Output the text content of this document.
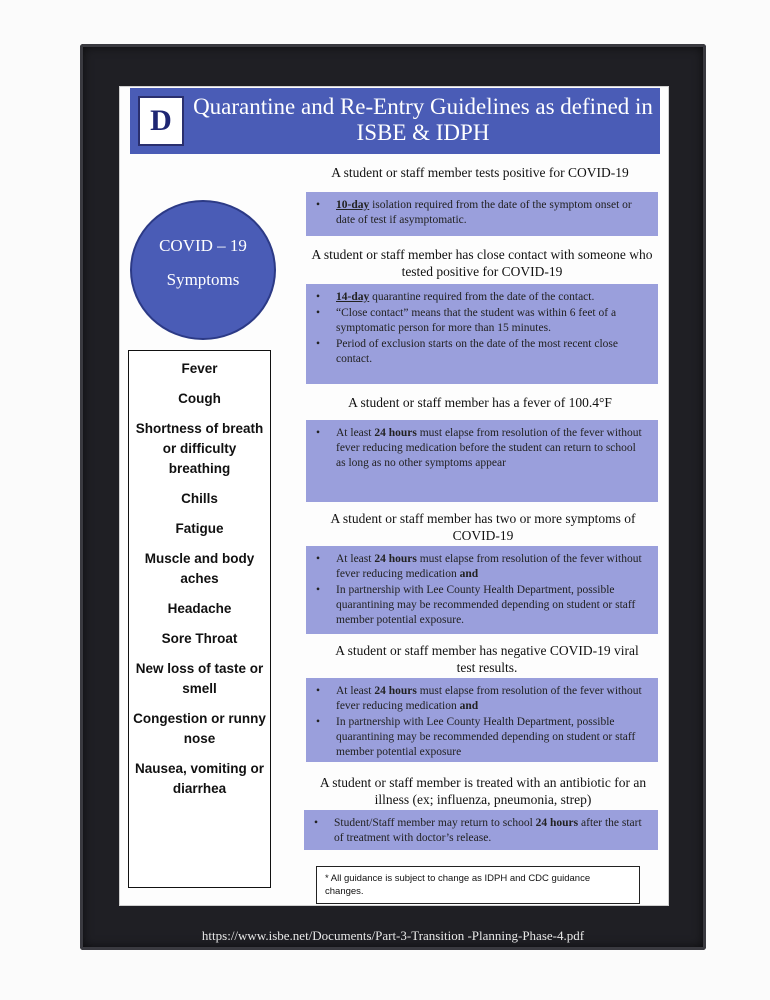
D Quarantine and Re-Entry Guidelines as defined in ISBE & IDPH
COVID – 19
Symptoms
Fever
Cough
Shortness of breath or difficulty breathing
Chills
Fatigue
Muscle and body aches
Headache
Sore Throat
New loss of taste or smell
Congestion or runny nose
Nausea, vomiting or diarrhea
A student or staff member tests positive for COVID-19
• 10-day isolation required from the date of the symptom onset or date of test if asymptomatic.
A student or staff member has close contact with someone who tested positive for COVID-19
• 14-day quarantine required from the date of the contact.
• “Close contact” means that the student was within 6 feet of a symptomatic person for more than 15 minutes.
• Period of exclusion starts on the date of the most recent close contact.
A student or staff member has a fever of 100.4°F
• At least 24 hours must elapse from resolution of the fever without fever reducing medication before the student can return to school as long as no other symptoms appear
A student or staff member has two or more symptoms of COVID-19
• At least 24 hours must elapse from resolution of the fever without fever reducing medication and
• In partnership with Lee County Health Department, possible quarantining may be recommended depending on student or staff member potential exposure.
A student or staff member has negative COVID-19 viral test results.
• At least 24 hours must elapse from resolution of the fever without fever reducing medication and
• In partnership with Lee County Health Department, possible quarantining may be recommended depending on student or staff member potential exposure
A student or staff member is treated with an antibiotic for an illness (ex; influenza, pneumonia, strep)
• Student/Staff member may return to school 24 hours after the start of treatment with doctor’s release.
* All guidance is subject to change as IDPH and CDC guidance changes.
https://www.isbe.net/Documents/Part-3-Transition -Planning-Phase-4.pdf
